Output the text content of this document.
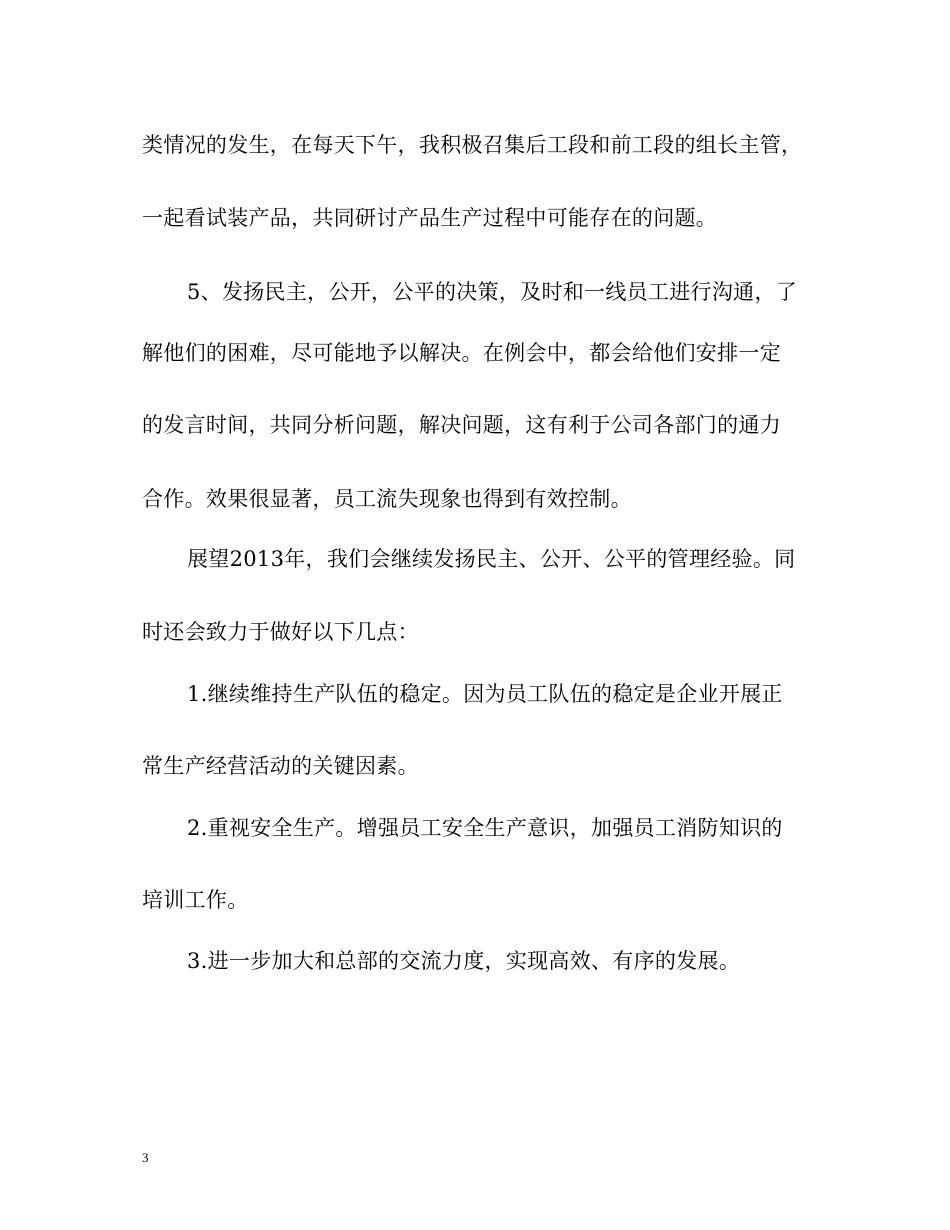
类情况的发生，在每天下午，我积极召集后工段和前工段的组长主管，
一起看试装产品，共同研讨产品生产过程中可能存在的问题。
5、发扬民主，公开，公平的决策，及时和一线员工进行沟通，了
解他们的困难，尽可能地予以解决。在例会中，都会给他们安排一定
的发言时间，共同分析问题，解决问题，这有利于公司各部门的通力
合作。效果很显著，员工流失现象也得到有效控制。
展望2013年，我们会继续发扬民主、公开、公平的管理经验。同
时还会致力于做好以下几点：
1.继续维持生产队伍的稳定。因为员工队伍的稳定是企业开展正
常生产经营活动的关键因素。
2.重视安全生产。增强员工安全生产意识，加强员工消防知识的
培训工作。
3.进一步加大和总部的交流力度，实现高效、有序的发展。
3
